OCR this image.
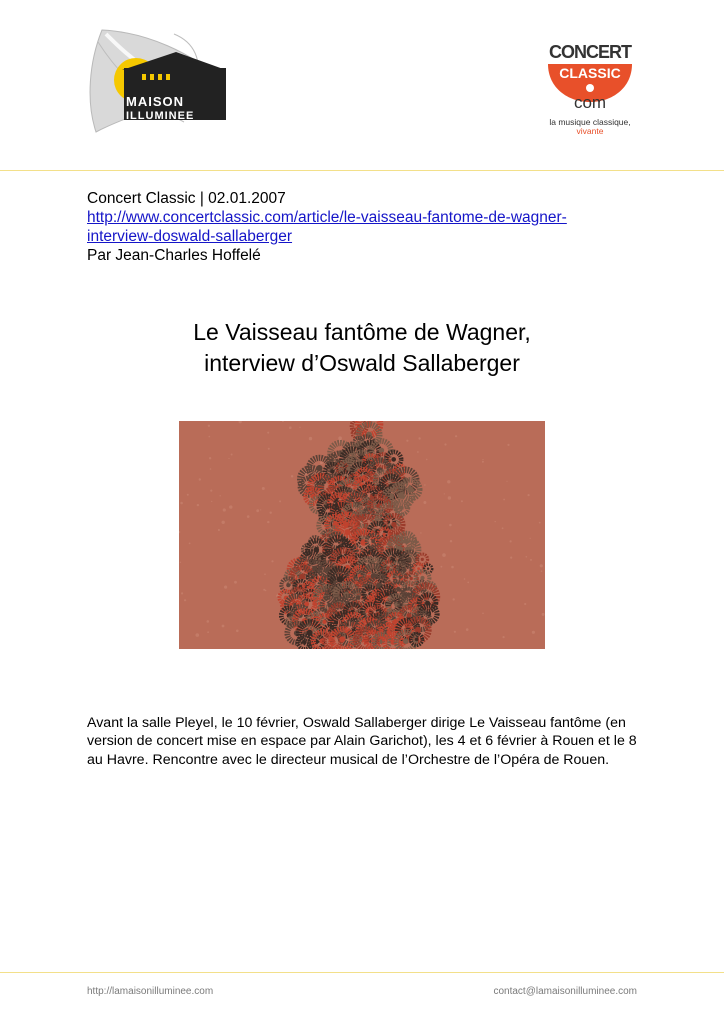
MAISON
ILLUMINEE
CONCERT
CLASSIC
com
la musique classique,
vivante
Concert Classic | 02.01.2007
http://www.concertclassic.com/article/le-vaisseau-fantome-de-wagner-
interview-doswald-sallaberger
Par Jean-Charles Hoffelé
Le Vaisseau fantôme de Wagner,
interview d’Oswald Sallaberger
Avant la salle Pleyel, le 10 février, Oswald Sallaberger dirige Le Vaisseau fantôme (en version de concert mise en espace par Alain Garichot), les 4 et 6 février à Rouen et le 8 au Havre. Rencontre avec le directeur musical de l’Orchestre de l’Opéra de Rouen.
http://lamaisonilluminee.com	contact@lamaisonilluminee.com
